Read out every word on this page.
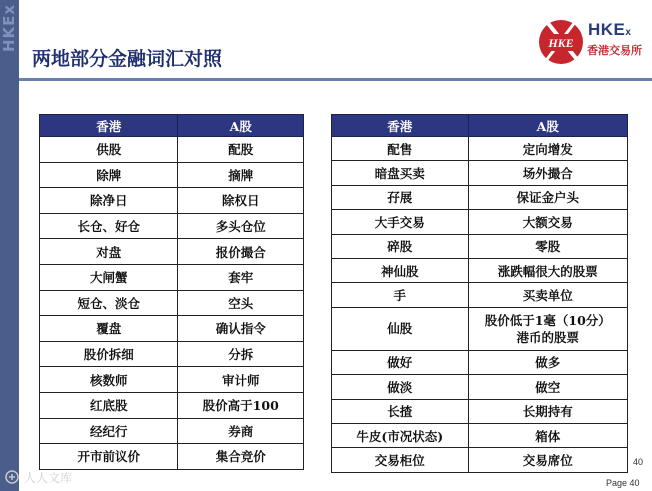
HKEx
两地部分金融词汇对照
HKE
HKEx
香港交易所
香港	A股
供股	配股
除牌	摘牌
除净日	除权日
长仓、好仓	多头仓位
对盘	报价撮合
大闸蟹	套牢
短仓、淡仓	空头
覆盘	确认指令
股价拆细	分拆
核数师	审计师
红底股	股价高于100
经纪行	券商
开市前议价	集合竞价
香港	A股
配售	定向增发
暗盘买卖	场外撮合
孖展	保证金户头
大手交易	大额交易
碎股	零股
神仙股	涨跌幅很大的股票
手	买卖单位
仙股	股价低于1毫（10分）
港币的股票
做好	做多
做淡	做空
长揸	长期持有
牛皮(市况状态)	箱体
交易柜位	交易席位	40
Page 40
人人文库
